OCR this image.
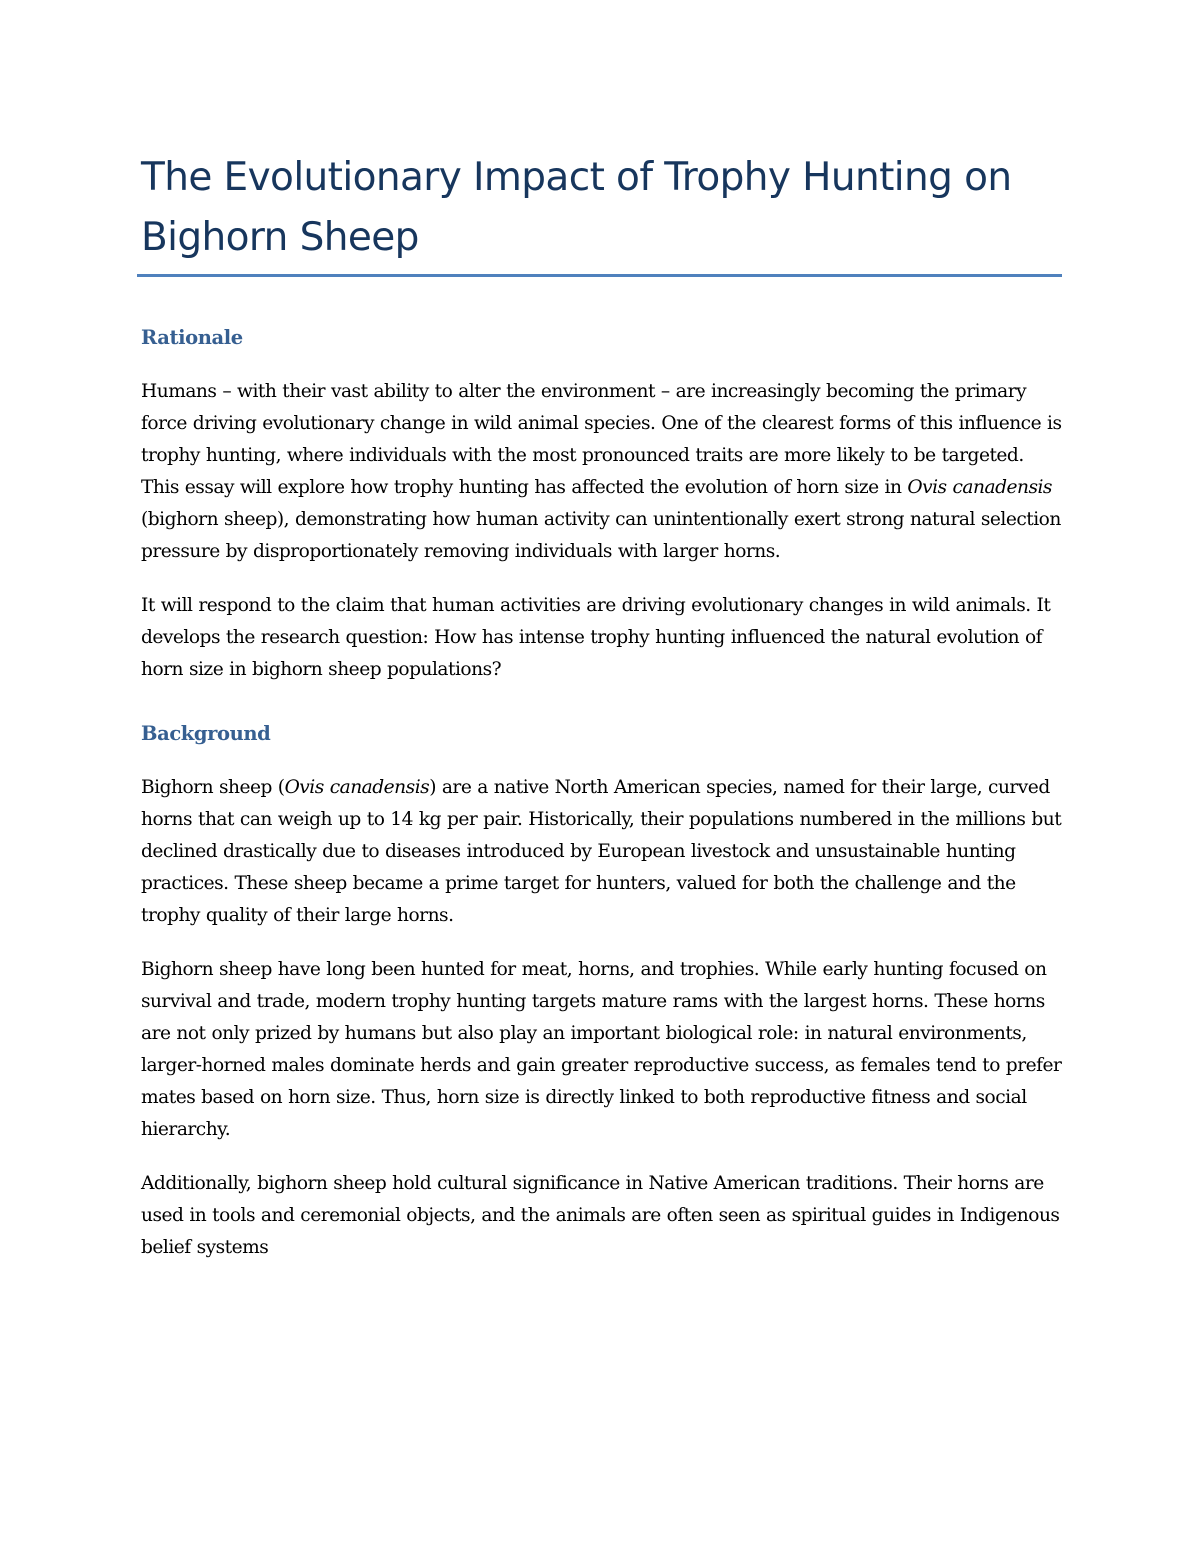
The Evolutionary Impact of Trophy Hunting on
Bighorn Sheep
Rationale

Humans – with their vast ability to alter the environment – are increasingly becoming the primary force driving evolutionary change in wild animal species. One of the clearest forms of this influence is trophy hunting, where individuals with the most pronounced traits are more likely to be targeted. This essay will explore how trophy hunting has affected the evolution of horn size in Ovis canadensis (bighorn sheep), demonstrating how human activity can unintentionally exert strong natural selection pressure by disproportionately removing individuals with larger horns.

It will respond to the claim that human activities are driving evolutionary changes in wild animals. It develops the research question: How has intense trophy hunting influenced the natural evolution of horn size in bighorn sheep populations?

Background

Bighorn sheep (Ovis canadensis) are a native North American species, named for their large, curved horns that can weigh up to 14 kg per pair. Historically, their populations numbered in the millions but declined drastically due to diseases introduced by European livestock and unsustainable hunting practices. These sheep became a prime target for hunters, valued for both the challenge and the trophy quality of their large horns.

Bighorn sheep have long been hunted for meat, horns, and trophies. While early hunting focused on survival and trade, modern trophy hunting targets mature rams with the largest horns. These horns are not only prized by humans but also play an important biological role: in natural environments, larger-horned males dominate herds and gain greater reproductive success, as females tend to prefer mates based on horn size. Thus, horn size is directly linked to both reproductive fitness and social hierarchy.

Additionally, bighorn sheep hold cultural significance in Native American traditions. Their horns are used in tools and ceremonial objects, and the animals are often seen as spiritual guides in Indigenous belief systems
